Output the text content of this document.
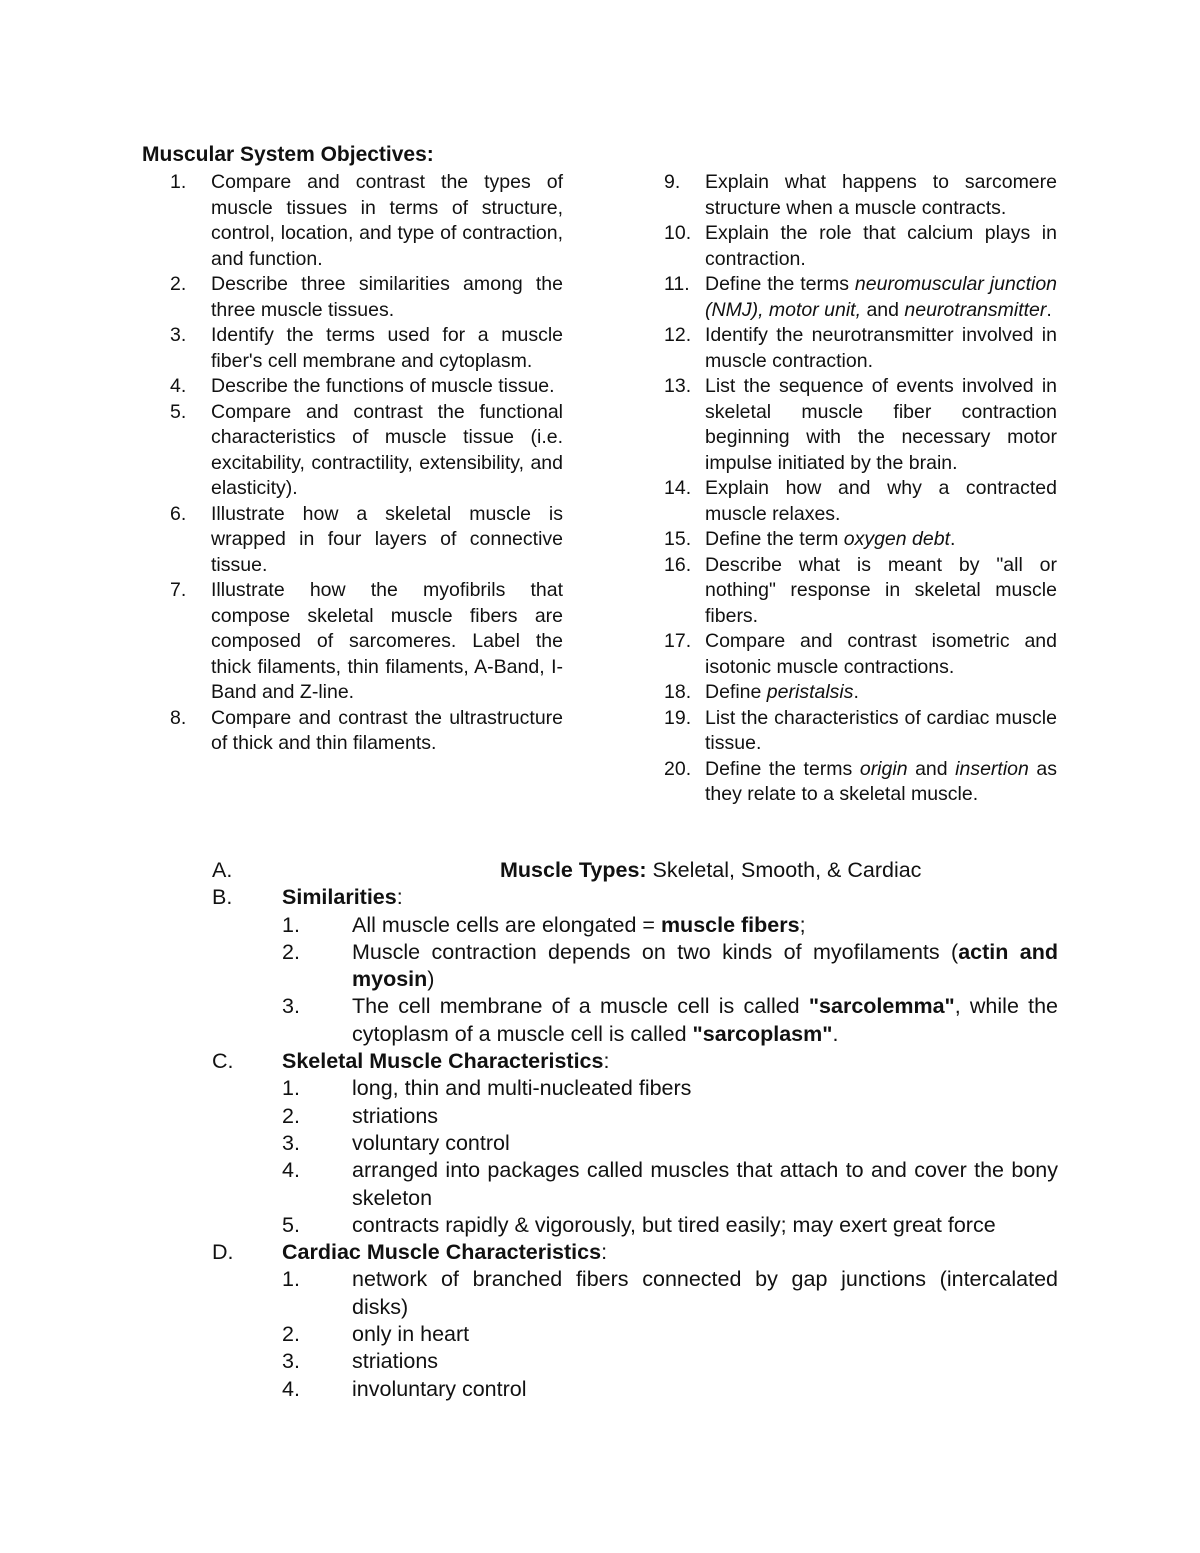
Muscular System Objectives:
1.	Compare and contrast the types of muscle tissues in terms of structure, control, location, and type of contraction, and function.
2.	Describe three similarities among the three muscle tissues.
3.	Identify the terms used for a muscle fiber's cell membrane and cytoplasm.
4.	Describe the functions of muscle tissue.
5.	Compare and contrast the functional characteristics of muscle tissue (i.e. excitability, contractility, extensibility, and elasticity).
6.	Illustrate how a skeletal muscle is wrapped in four layers of connective tissue.
7.	Illustrate how the myofibrils that compose skeletal muscle fibers are composed of sarcomeres. Label the thick filaments, thin filaments, A-Band, I-Band and Z-line.
8.	Compare and contrast the ultrastructure of thick and thin filaments.
9.	Explain what happens to sarcomere structure when a muscle contracts.
10. Explain the role that calcium plays in contraction.
11. Define the terms neuromuscular junction (NMJ), motor unit, and neurotransmitter.
12. Identify the neurotransmitter involved in muscle contraction.
13. List the sequence of events involved in skeletal muscle fiber contraction beginning with the necessary motor impulse initiated by the brain.
14. Explain how and why a contracted muscle relaxes.
15. Define the term oxygen debt.
16. Describe what is meant by "all or nothing" response in skeletal muscle fibers.
17. Compare and contrast isometric and isotonic muscle contractions.
18. Define peristalsis.
19. List the characteristics of cardiac muscle tissue.
20. Define the terms origin and insertion as they relate to a skeletal muscle.
A.	Muscle Types: Skeletal, Smooth, & Cardiac
B.	Similarities:
1.	All muscle cells are elongated = muscle fibers;
2.	Muscle contraction depends on two kinds of myofilaments (actin and myosin)
3.	The cell membrane of a muscle cell is called "sarcolemma", while the cytoplasm of a muscle cell is called "sarcoplasm".
C.	Skeletal Muscle Characteristics:
1.	long, thin and multi-nucleated fibers
2.	striations
3.	voluntary control
4.	arranged into packages called muscles that attach to and cover the bony skeleton
5.	contracts rapidly & vigorously, but tired easily; may exert great force
D.	Cardiac Muscle Characteristics:
1.	network of branched fibers connected by gap junctions (intercalated disks)
2.	only in heart
3.	striations
4.	involuntary control
